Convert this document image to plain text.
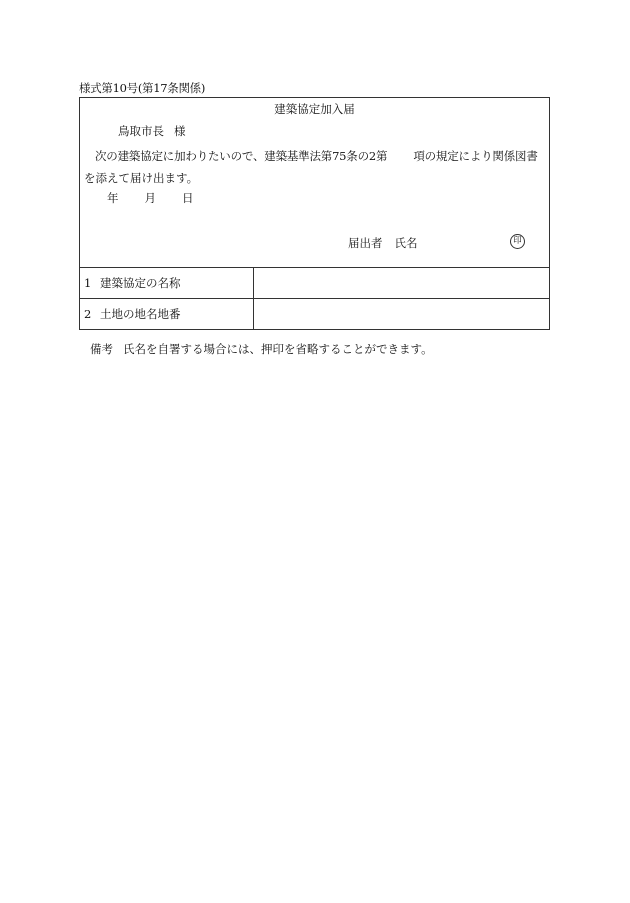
様式第10号(第17条関係)
建築協定加入届
鳥取市長 様
次の建築協定に加わりたいので、建築基準法第75条の2第 項の規定により関係図書
を添えて届け出ます。
年 月 日
届出者 氏名	印
1 建築協定の名称
2 土地の地名地番
備考 氏名を自署する場合には、押印を省略することができます。
